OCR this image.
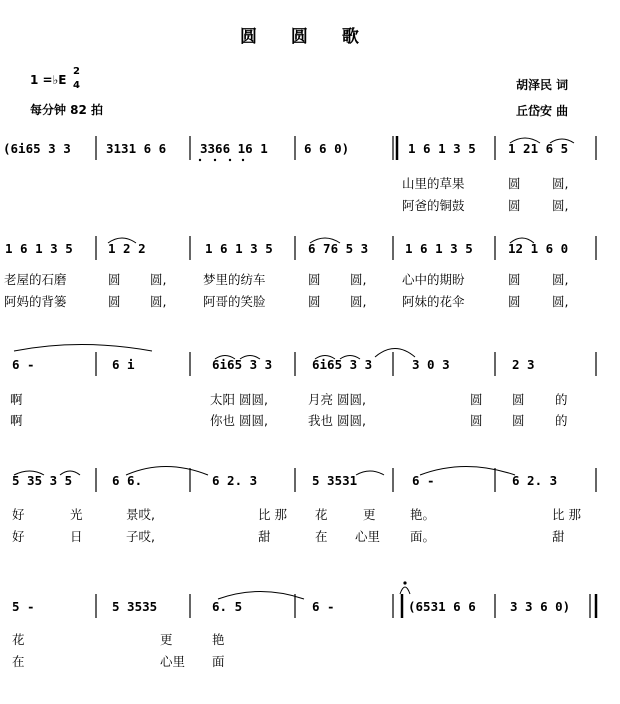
圆 圆 歌
1 =♭E
2
4
每分钟 82 拍
胡泽民 词
丘岱安 曲
(6i65 3 3	3131 6 6	3366 16 1	6 6 0)	1 6 1 3 5	1 21 6 5
山里的草果	圆	圆,
阿爸的铜鼓	圆	圆,
1 6 1 3 5	1 2 2	1 6 1 3 5	6 76 5 3	1 6 1 3 5	12 1 6 0
老屋的石磨	圆 圆,	梦里的纺车	圆 圆,	心中的期盼	圆	圆,
阿妈的背篓	圆 圆,	阿哥的笑脸	圆 圆,	阿妹的花伞	圆	圆,
6 -	6 i	6i65 3 3	6i65 3 3	3 0 3	2 3
啊	太阳 圆圆,	月亮 圆圆,	圆 圆 的
啊	你也 圆圆,	我也 圆圆,	圆 圆 的
5 35 3 5	6 6.	6 2. 3	5 3531	6 -	6 2. 3
好	光	景哎,	比 那 花	更	艳。	比 那
好	日	子哎,	甜	在 心里 面。	甜
5 -	5 3535	6. 5	6 -	(6531 6 6	3 3 6 0)
花	更	艳
在	心里 面
